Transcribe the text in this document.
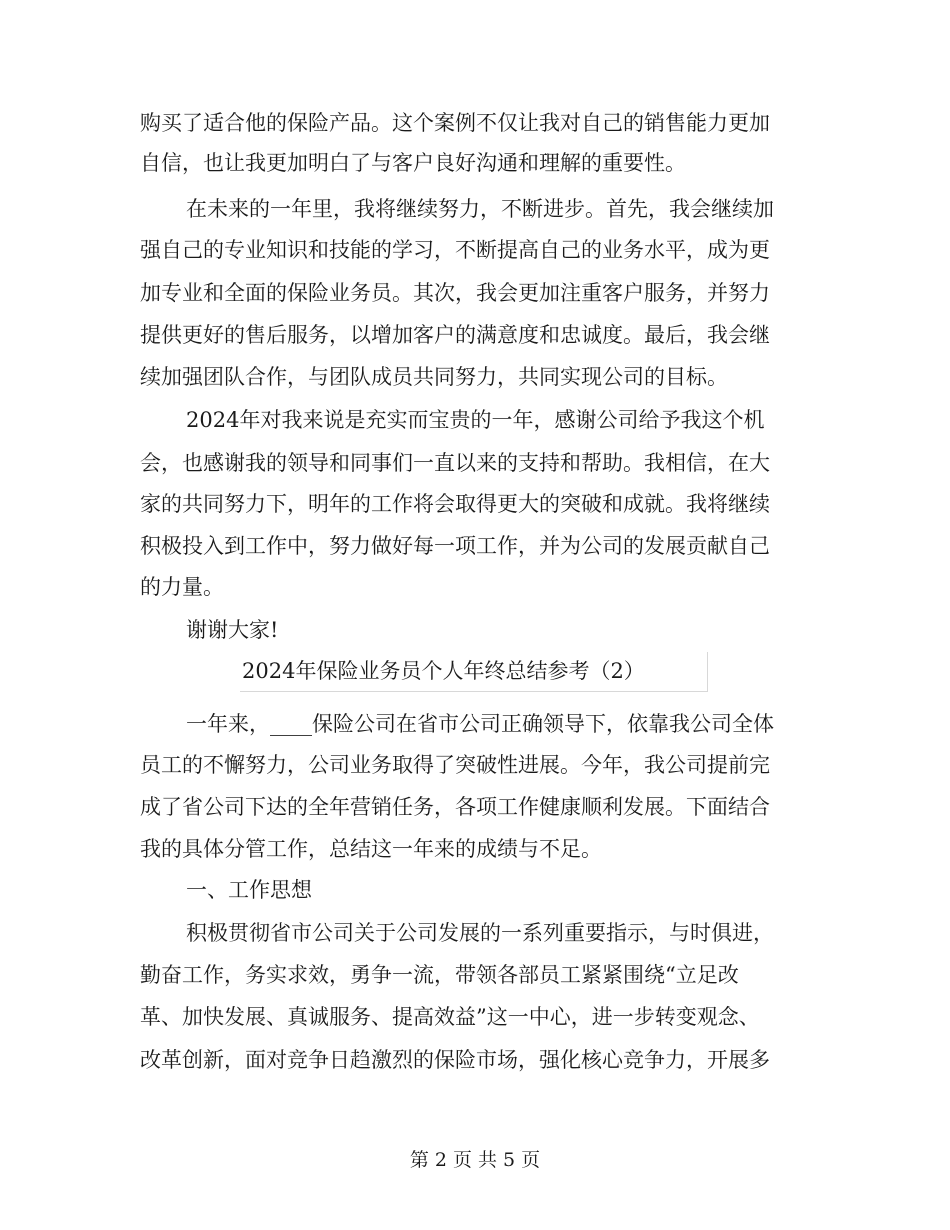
购买了适合他的保险产品。这个案例不仅让我对自己的销售能力更加
自信，也让我更加明白了与客户良好沟通和理解的重要性。
在未来的一年里，我将继续努力，不断进步。首先，我会继续加
强自己的专业知识和技能的学习，不断提高自己的业务水平，成为更
加专业和全面的保险业务员。其次，我会更加注重客户服务，并努力
提供更好的售后服务，以增加客户的满意度和忠诚度。最后，我会继
续加强团队合作，与团队成员共同努力，共同实现公司的目标。
2024年对我来说是充实而宝贵的一年，感谢公司给予我这个机
会，也感谢我的领导和同事们一直以来的支持和帮助。我相信，在大
家的共同努力下，明年的工作将会取得更大的突破和成就。我将继续
积极投入到工作中，努力做好每一项工作，并为公司的发展贡献自己
的力量。
谢谢大家!
2024年保险业务员个人年终总结参考（2）
一年来，____保险公司在省市公司正确领导下，依靠我公司全体
员工的不懈努力，公司业务取得了突破性进展。今年，我公司提前完
成了省公司下达的全年营销任务，各项工作健康顺利发展。下面结合
我的具体分管工作，总结这一年来的成绩与不足。
一、工作思想
积极贯彻省市公司关于公司发展的一系列重要指示，与时俱进，
勤奋工作，务实求效，勇争一流，带领各部员工紧紧围绕“立足改
革、加快发展、真诚服务、提高效益”这一中心，进一步转变观念、
改革创新，面对竞争日趋激烈的保险市场，强化核心竞争力，开展多
第 2 页 共 5 页
